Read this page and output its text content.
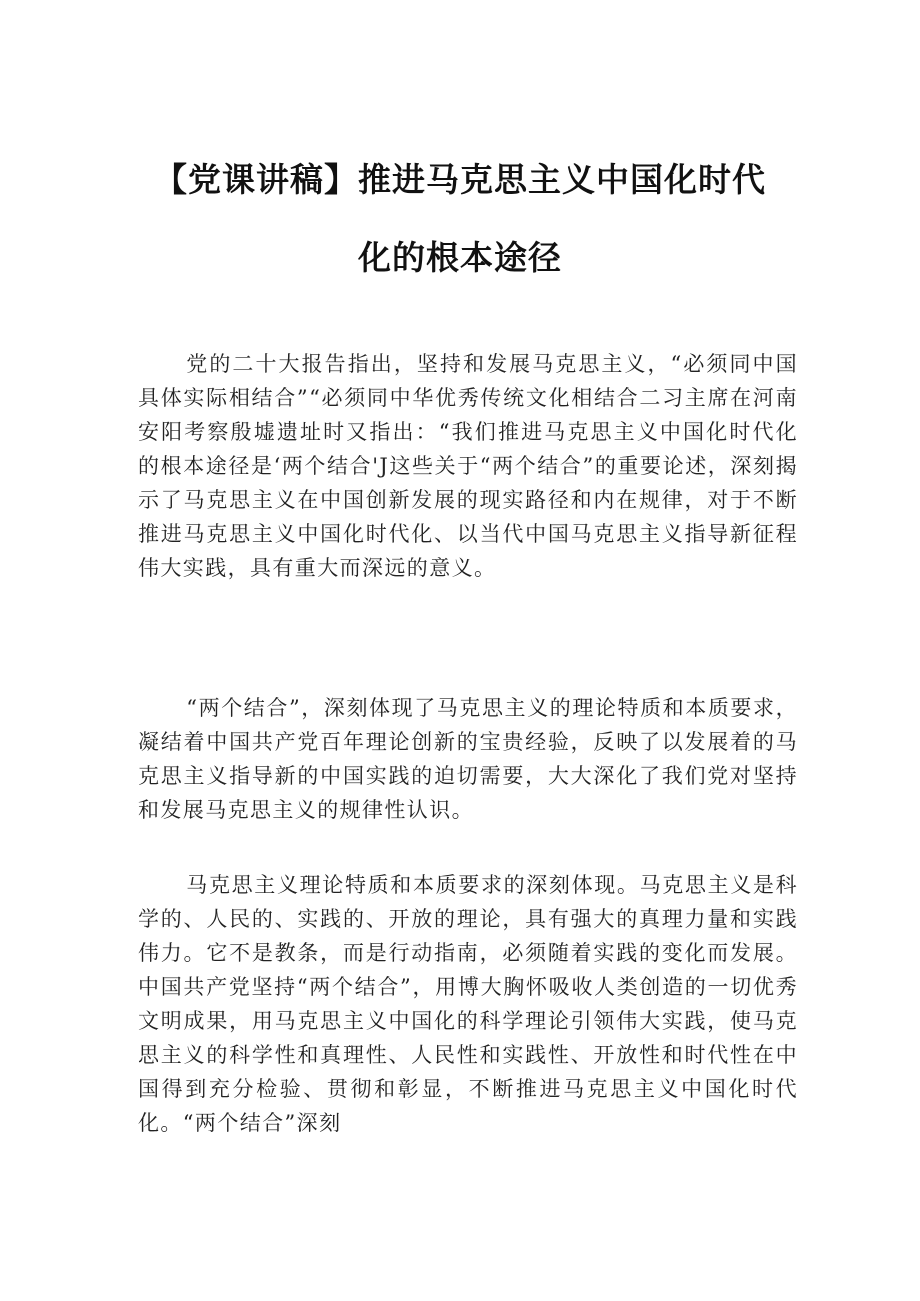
【党课讲稿】推进马克思主义中国化时代
化的根本途径

党的二十大报告指出，坚持和发展马克思主义，“必须同中国具体实际相结合”“必须同中华优秀传统文化相结合二习主席在河南安阳考察殷墟遗址时又指出：“我们推进马克思主义中国化时代化的根本途径是‘两个结合'J这些关于“两个结合”的重要论述，深刻揭示了马克思主义在中国创新发展的现实路径和内在规律，对于不断推进马克思主义中国化时代化、以当代中国马克思主义指导新征程伟大实践，具有重大而深远的意义。

“两个结合”，深刻体现了马克思主义的理论特质和本质要求，凝结着中国共产党百年理论创新的宝贵经验，反映了以发展着的马克思主义指导新的中国实践的迫切需要，大大深化了我们党对坚持和发展马克思主义的规律性认识。

马克思主义理论特质和本质要求的深刻体现。马克思主义是科学的、人民的、实践的、开放的理论，具有强大的真理力量和实践伟力。它不是教条，而是行动指南，必须随着实践的变化而发展。中国共产党坚持“两个结合”，用博大胸怀吸收人类创造的一切优秀文明成果，用马克思主义中国化的科学理论引领伟大实践，使马克思主义的科学性和真理性、人民性和实践性、开放性和时代性在中国得到充分检验、贯彻和彰显，不断推进马克思主义中国化时代化。“两个结合”深刻
